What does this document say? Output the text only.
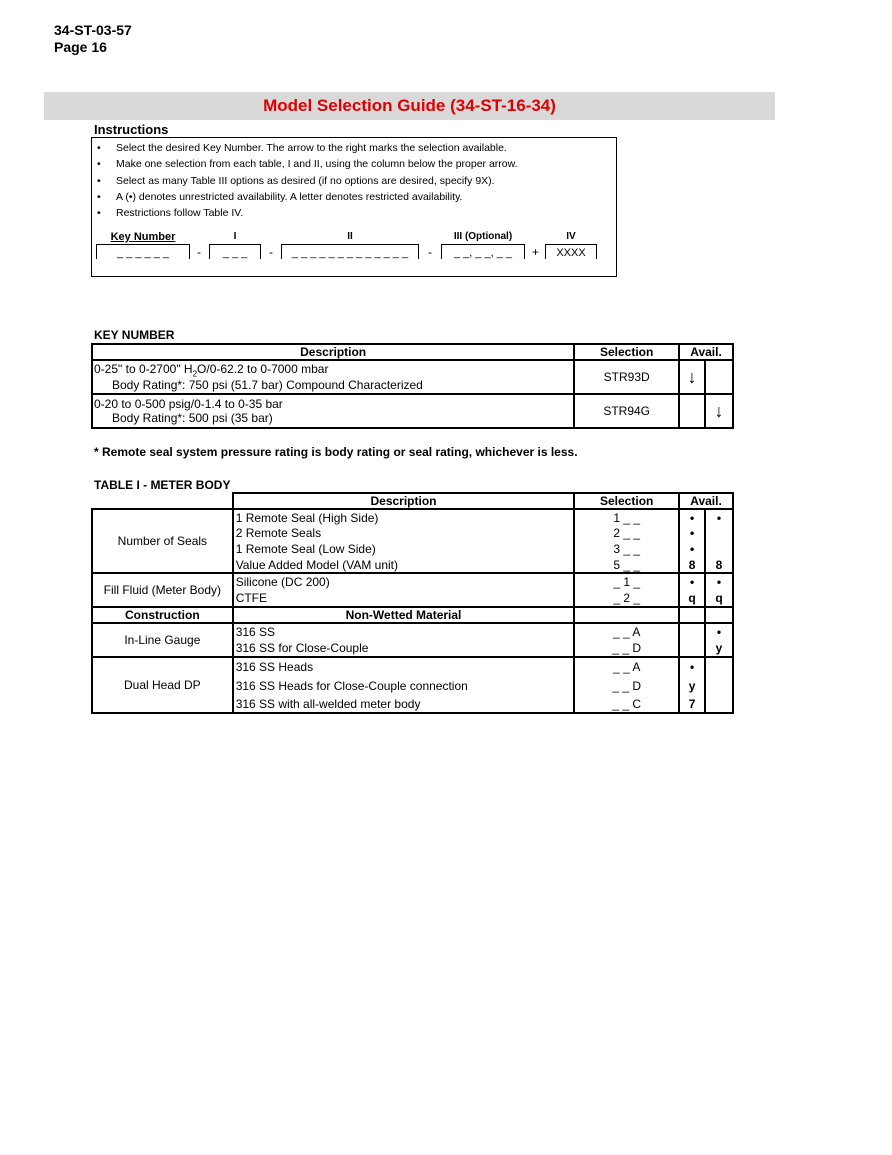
34-ST-03-57
Page 16
Model Selection Guide (34-ST-16-34)
Instructions
• Select the desired Key Number. The arrow to the right marks the selection available.
• Make one selection from each table, I and II, using the column below the proper arrow.
• Select as many Table III options as desired (if no options are desired, specify 9X).
• A (•) denotes unrestricted availability. A letter denotes restricted availability.
• Restrictions follow Table IV.
Key Number	I	II	III (Optional)	IV
_ _ _ _ _ _	-	_ _ _	-	_ _ _ _ _ _ _ _ _ _ _ _ _	-	_ _, _ _, _ _	+	XXXX
KEY NUMBER
Description	Selection	Avail.	

0-25" to 0-2700" $H_2O/0-62.2$ to 0-7000 mbar
Body Rating*: 750 psi (51.7 bar) Compound Characterized	STR93D	↓	

0-20 to 0-500 psig/0-1.4 to 0-35 bar
Body Rating*: 500 psi (35 bar)	STR94G		↓
* Remote seal system pressure rating is body rating or seal rating, whichever is less.
TABLE I - METER BODY
	Description	Selection	Avail.	
Number of Seals	1 Remote Seal (High Side)	1 _ _	•	•
	2 Remote Seals	2 _ _	•	
	1 Remote Seal (Low Side)	3 _ _	•	
	Value Added Model (VAM unit)	5 _ _	8	8
Fill Fluid (Meter Body)	Silicone (DC 200)	_ 1 _	•	•
	CTFE	_ 2 _	q	q
Construction	Non-Wetted Material			
In-Line Gauge	316 SS	_ _ A		•
	316 SS for Close-Couple	_ _ D		y
Dual Head DP	316 SS Heads	_ _ A	•	
	316 SS Heads for Close-Couple connection	_ _ D	y	
	316 SS with all-welded meter body	_ _ C	7	
